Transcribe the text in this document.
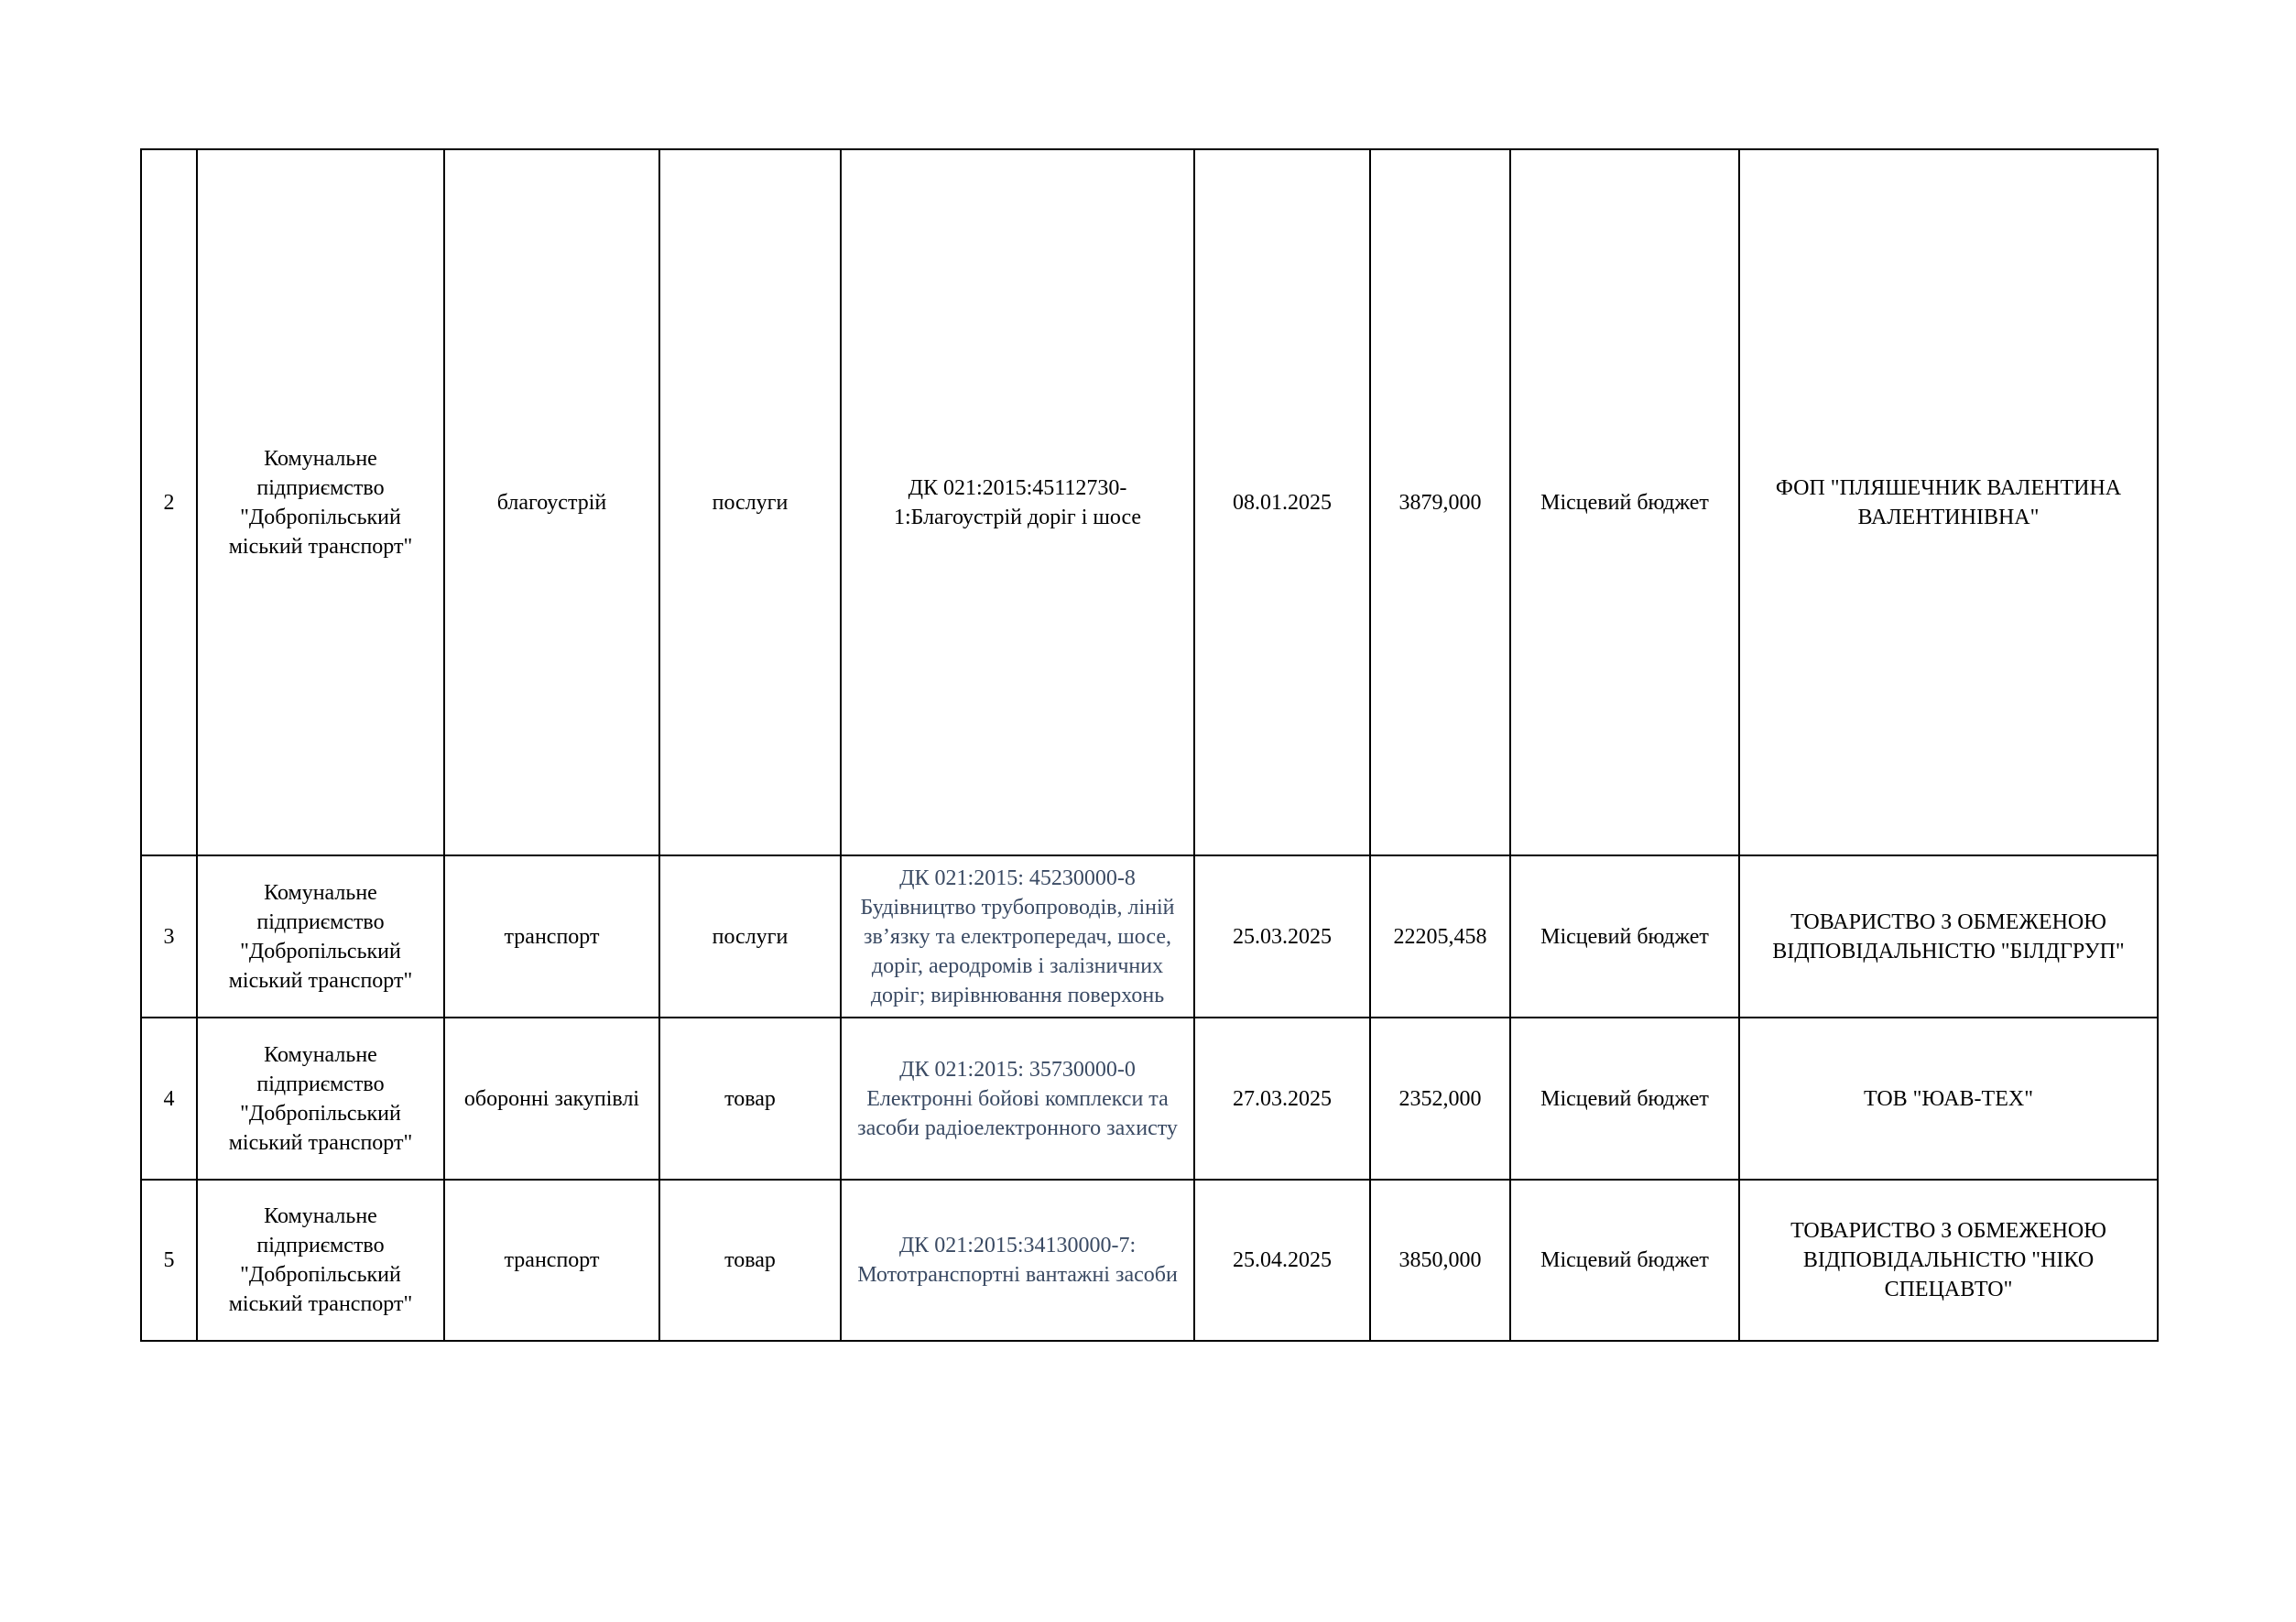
2	Комунальне підприємство "Добропільський міський транспорт"	благоустрій	послуги	ДК 021:2015:45112730-1:Благоустрій доріг і шосе	08.01.2025	3879,000	Місцевий бюджет	ФОП "ПЛЯШЕЧНИК ВАЛЕНТИНА ВАЛЕНТИНІВНА"
3	Комунальне підприємство "Добропільський міський транспорт"	транспорт	послуги	ДК 021:2015: 45230000-8 Будівництво трубопроводів, ліній зв’язку та електропередач, шосе, доріг, аеродромів і залізничних доріг; вирівнювання поверхонь	25.03.2025	22205,458	Місцевий бюджет	ТОВАРИСТВО З ОБМЕЖЕНОЮ ВІДПОВІДАЛЬНІСТЮ "БІЛДГРУП"
4	Комунальне підприємство "Добропільський міський транспорт"	оборонні закупівлі	товар	ДК 021:2015: 35730000-0 Електронні бойові комплекси та засоби радіоелектронного захисту	27.03.2025	2352,000	Місцевий бюджет	ТОВ "ЮАВ-ТЕХ"
5	Комунальне підприємство "Добропільський міський транспорт"	транспорт	товар	ДК 021:2015:34130000-7: Мототранспортні вантажні засоби	25.04.2025	3850,000	Місцевий бюджет	ТОВАРИСТВО З ОБМЕЖЕНОЮ ВІДПОВІДАЛЬНІСТЮ "НІКО СПЕЦАВТО"
